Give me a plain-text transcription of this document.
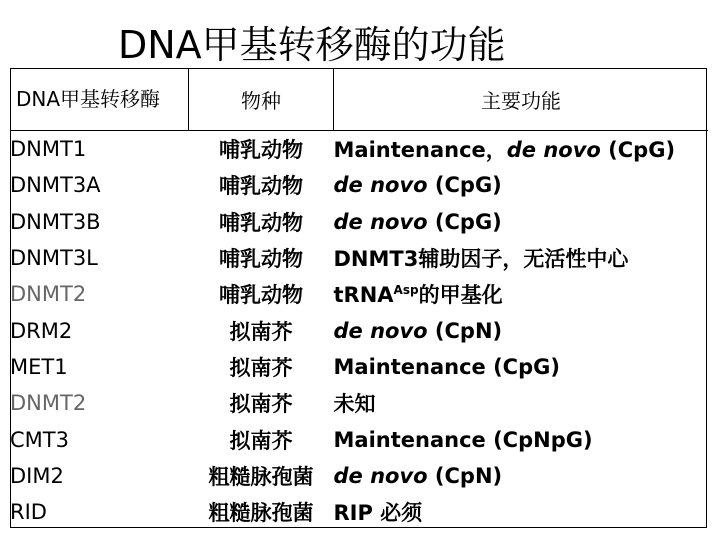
DNA甲基转移酶的功能
DNA甲基转移酶	物种	主要功能
DNMT1	哺乳动物	Maintenance，de novo (CpG)
DNMT3A	哺乳动物	de novo (CpG)
DNMT3B	哺乳动物	de novo (CpG)
DNMT3L	哺乳动物	DNMT3辅助因子，无活性中心
DNMT2	哺乳动物	tRNA$^{Asp}$的甲基化
DRM2	拟南芥	de novo (CpN)
MET1	拟南芥	Maintenance (CpG)
DNMT2	拟南芥	未知
CMT3	拟南芥	Maintenance (CpNpG)
DIM2	粗糙脉孢菌	de novo (CpN)
RID	粗糙脉孢菌	RIP 必须
